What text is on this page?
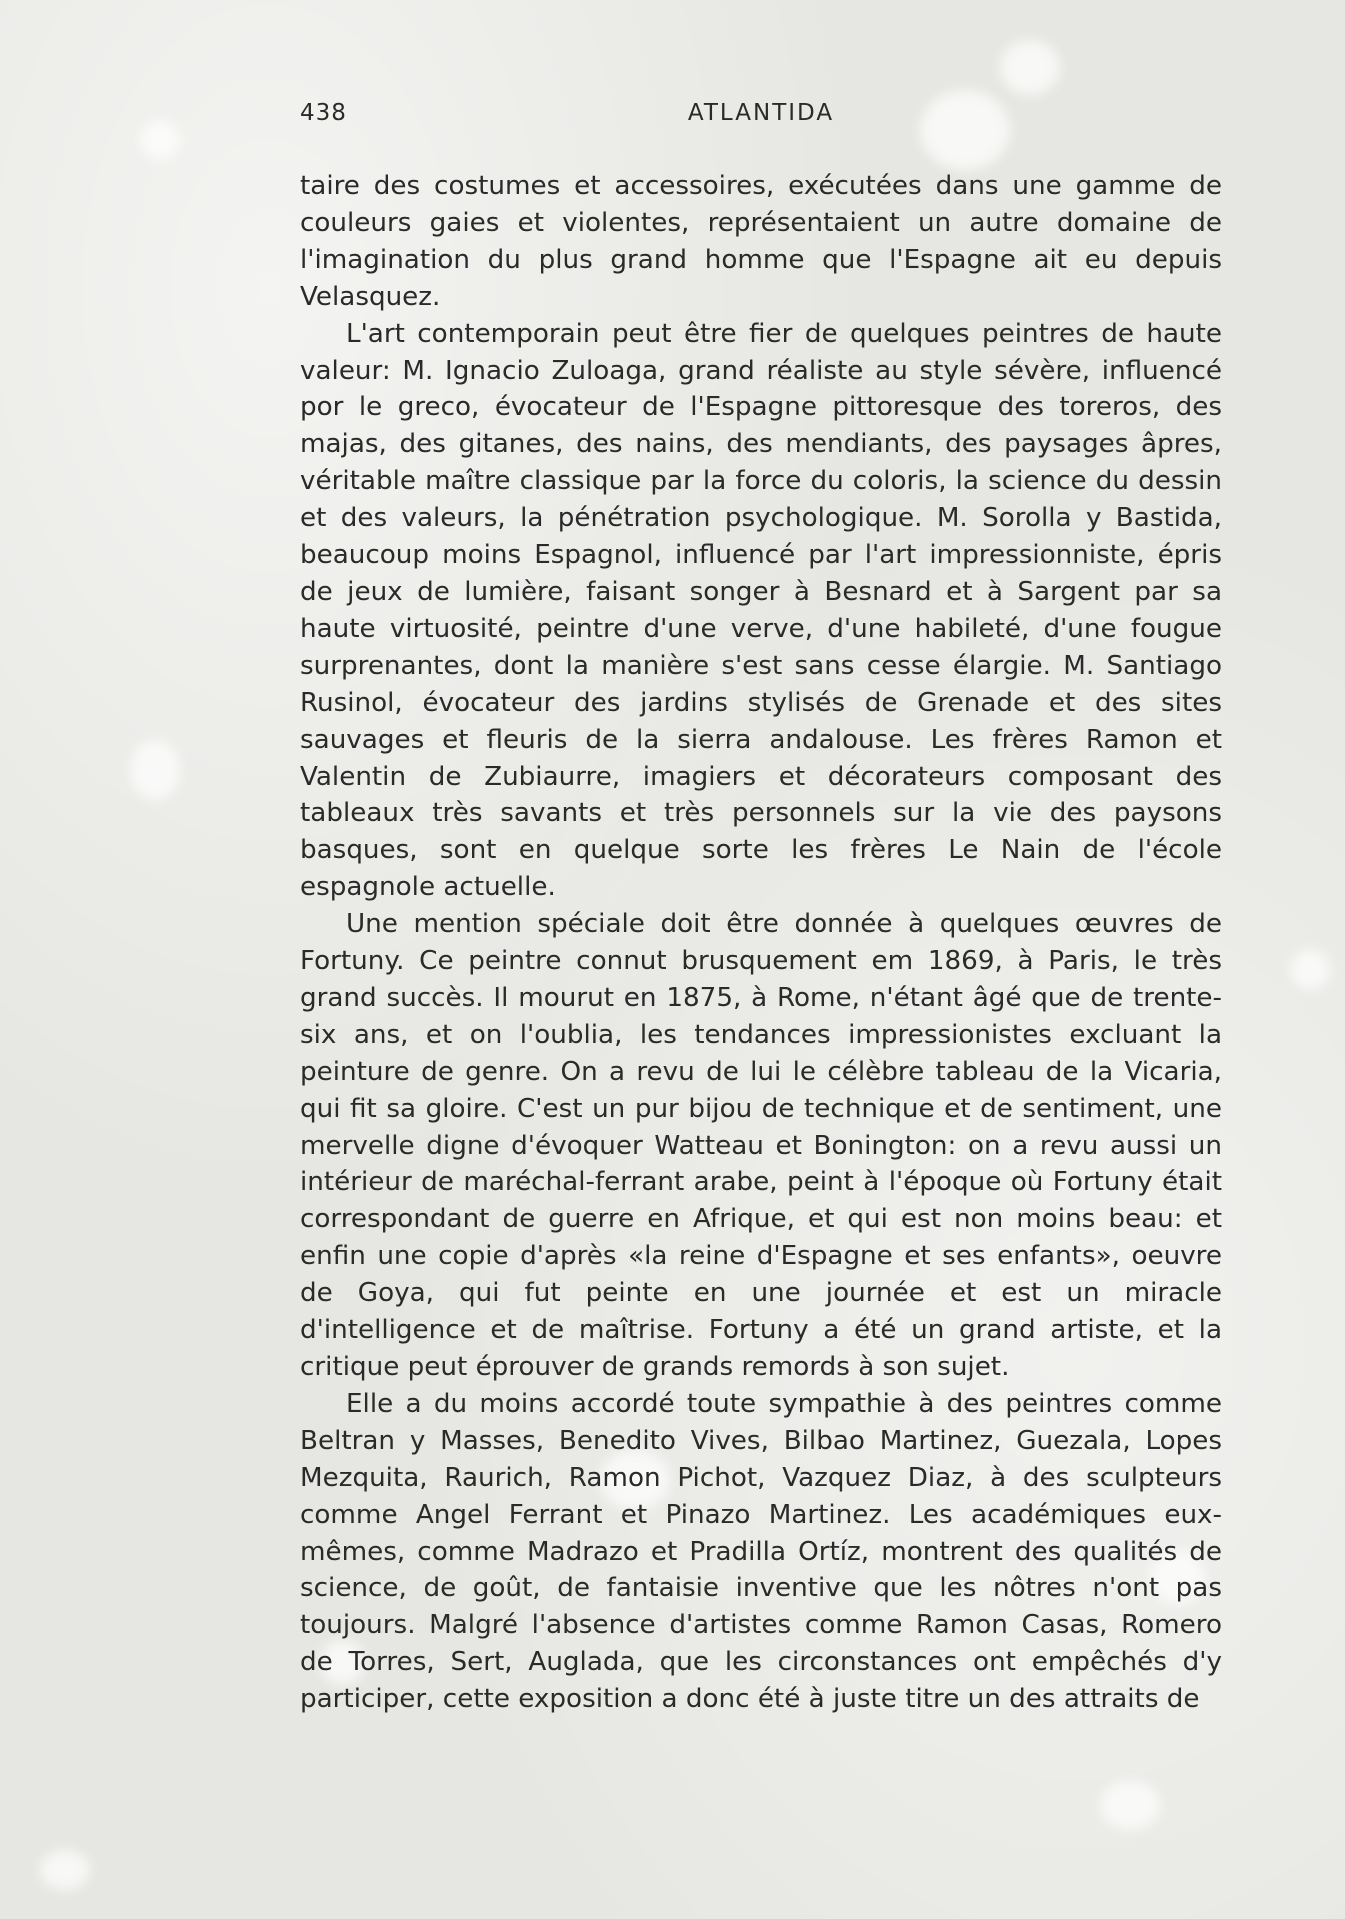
438	ATLANTIDA

taire des costumes et accessoires, exécutées dans une gamme de couleurs gaies et violentes, représentaient un autre domaine de l'imagination du plus grand homme que l'Espagne ait eu depuis Velasquez.

L'art contemporain peut être fier de quelques peintres de haute valeur: M. Ignacio Zuloaga, grand réaliste au style sévère, influencé por le greco, évocateur de l'Espagne pittoresque des toreros, des majas, des gitanes, des nains, des mendiants, des paysages âpres, véritable maître classique par la force du coloris, la science du dessin et des valeurs, la pénétration psychologique. M. Sorolla y Bastida, beaucoup moins Espagnol, influencé par l'art impressionniste, épris de jeux de lumière, faisant songer à Besnard et à Sargent par sa haute virtuosité, peintre d'une verve, d'une habileté, d'une fougue surprenantes, dont la manière s'est sans cesse élargie. M. Santiago Rusinol, évocateur des jardins stylisés de Grenade et des sites sauvages et fleuris de la sierra andalouse. Les frères Ramon et Valentin de Zubiaurre, imagiers et décorateurs composant des tableaux très savants et très personnels sur la vie des paysons basques, sont en quelque sorte les frères Le Nain de l'école espagnole actuelle.

Une mention spéciale doit être donnée à quelques œuvres de Fortuny. Ce peintre connut brusquement em 1869, à Paris, le très grand succès. Il mourut en 1875, à Rome, n'étant âgé que de trente-six ans, et on l'oublia, les tendances impressionistes excluant la peinture de genre. On a revu de lui le célèbre tableau de la Vicaria, qui fit sa gloire. C'est un pur bijou de technique et de sentiment, une mervelle digne d'évoquer Watteau et Bonington: on a revu aussi un intérieur de maréchal-ferrant arabe, peint à l'époque où Fortuny était correspondant de guerre en Afrique, et qui est non moins beau: et enfin une copie d'après «la reine d'Espagne et ses enfants», oeuvre de Goya, qui fut peinte en une journée et est un miracle d'intelligence et de maîtrise. Fortuny a été un grand artiste, et la critique peut éprouver de grands remords à son sujet.

Elle a du moins accordé toute sympathie à des peintres comme Beltran y Masses, Benedito Vives, Bilbao Martinez, Guezala, Lopes Mezquita, Raurich, Ramon Pichot, Vazquez Diaz, à des sculpteurs comme Angel Ferrant et Pinazo Martinez. Les académiques eux-mêmes, comme Madrazo et Pradilla Ortíz, montrent des qualités de science, de goût, de fantaisie inventive que les nôtres n'ont pas toujours. Malgré l'absence d'artistes comme Ramon Casas, Romero de Torres, Sert, Auglada, que les circonstances ont empêchés d'y participer, cette exposition a donc été à juste titre un des attraits de
